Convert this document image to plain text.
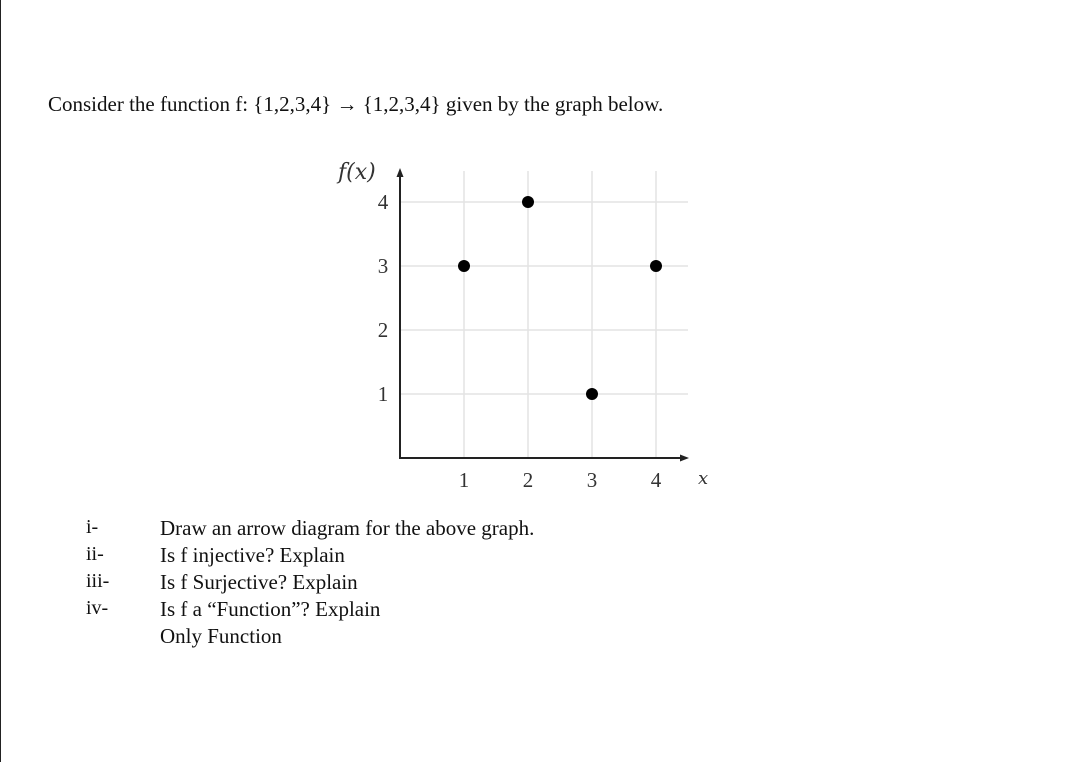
Consider the function f: {1,2,3,4} → {1,2,3,4} given by the graph below.
f(x)
x
1	2	3	4
1
2
3
4
i-	Draw an arrow diagram for the above graph.
ii-	Is f injective? Explain
iii- Is f Surjective? Explain
iv- Is f a “Function”? Explain
Only Function
